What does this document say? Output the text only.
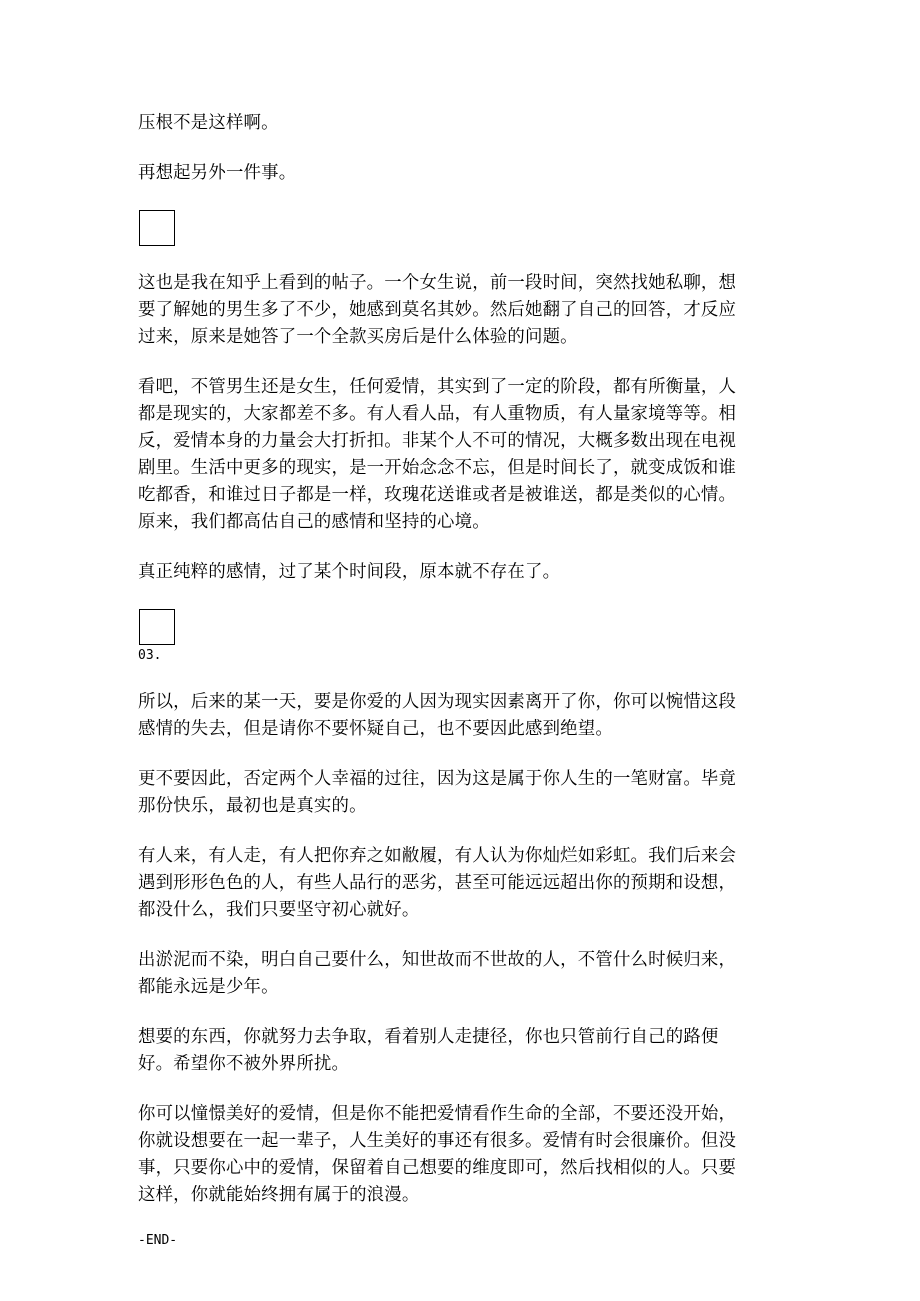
压根不是这样啊。

再想起另外一件事。

这也是我在知乎上看到的帖子。一个女生说，前一段时间，突然找她私聊，想
要了解她的男生多了不少，她感到莫名其妙。然后她翻了自己的回答，才反应
过来，原来是她答了一个全款买房后是什么体验的问题。

看吧，不管男生还是女生，任何爱情，其实到了一定的阶段，都有所衡量，人
都是现实的，大家都差不多。有人看人品，有人重物质，有人量家境等等。相
反，爱情本身的力量会大打折扣。非某个人不可的情况，大概多数出现在电视
剧里。生活中更多的现实，是一开始念念不忘，但是时间长了，就变成饭和谁
吃都香，和谁过日子都是一样，玫瑰花送谁或者是被谁送，都是类似的心情。
原来，我们都高估自己的感情和坚持的心境。

真正纯粹的感情，过了某个时间段，原本就不存在了。

03.

所以，后来的某一天，要是你爱的人因为现实因素离开了你，你可以惋惜这段
感情的失去，但是请你不要怀疑自己，也不要因此感到绝望。

更不要因此，否定两个人幸福的过往，因为这是属于你人生的一笔财富。毕竟
那份快乐，最初也是真实的。

有人来，有人走，有人把你弃之如敝履，有人认为你灿烂如彩虹。我们后来会
遇到形形色色的人，有些人品行的恶劣，甚至可能远远超出你的预期和设想，
都没什么，我们只要坚守初心就好。

出淤泥而不染，明白自己要什么，知世故而不世故的人，不管什么时候归来，
都能永远是少年。

想要的东西，你就努力去争取，看着别人走捷径，你也只管前行自己的路便
好。希望你不被外界所扰。

你可以憧憬美好的爱情，但是你不能把爱情看作生命的全部，不要还没开始，
你就设想要在一起一辈子，人生美好的事还有很多。爱情有时会很廉价。但没
事，只要你心中的爱情，保留着自己想要的维度即可，然后找相似的人。只要
这样，你就能始终拥有属于的浪漫。

-END-
